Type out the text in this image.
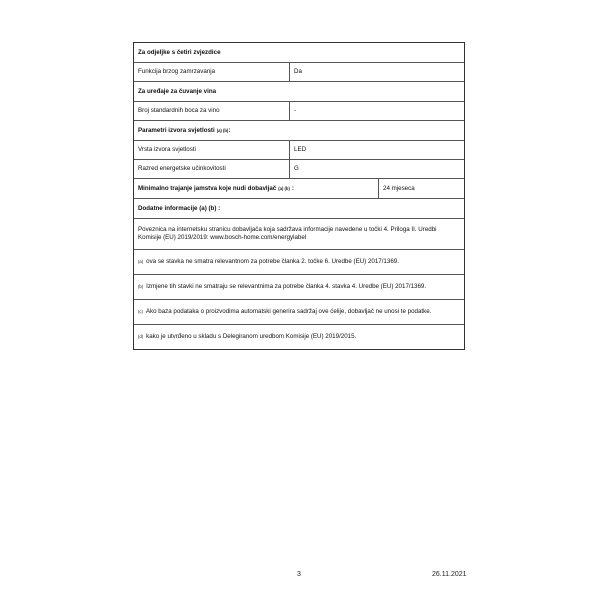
Za odjeljke s četiri zvjezdice
Funkcija brzog zamrzavanja	Da
Za uređaje za čuvanje vina
Broj standardnih boca za vino	-
Parametri izvora svjetlosti (a) (b) :
Vrsta izvora svjetlosti	LED
Razred energetske učinkovitosti	G
Minimalno trajanje jamstva koje nudi dobavljač (a) (b) :	24 mjeseca
Dodatne informacije (a) (b) :
Poveznica na internetsku stranicu dobavljača koja sadržava informacije navedene u točki 4. Priloga II. Uredbi Komisije (EU) 2019/2019: www.bosch-home.com/energylabel
(a) ova se stavka ne smatra relevantnom za potrebe članka 2. točke 6. Uredbe (EU) 2017/1369.
(b) Izmjene tih stavki ne smatraju se relevantnima za potrebe članka 4. stavka 4. Uredbe (EU) 2017/1369.
(c) Ako baza podataka o proizvodima automatski generira sadržaj ove ćelije, dobavljač ne unosi te podatke.
(d) kako je utvrđeno u skladu s Delegiranom uredbom Komisije (EU) 2019/2015.
3	26.11.2021
